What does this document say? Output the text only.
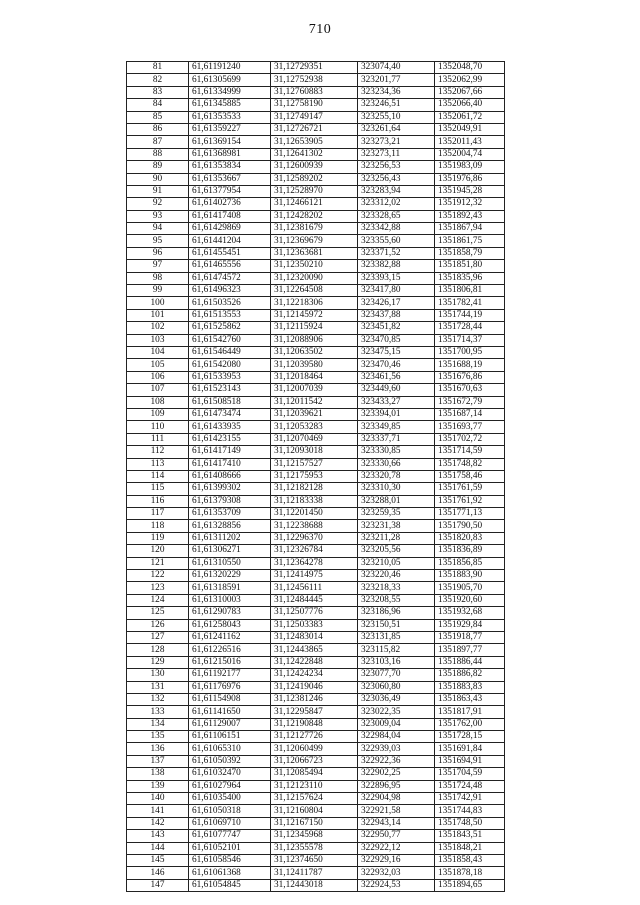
710
81	61,61191240	31,12729351	323074,40	1352048,70
82	61,61305699	31,12752938	323201,77	1352062,99
83	61,61334999	31,12760883	323234,36	1352067,66
84	61,61345885	31,12758190	323246,51	1352066,40
85	61,61353533	31,12749147	323255,10	1352061,72
86	61,61359227	31,12726721	323261,64	1352049,91
87	61,61369154	31,12653905	323273,21	1352011,43
88	61,61368981	31,12641302	323273,11	1352004,74
89	61,61353834	31,12600939	323256,53	1351983,09
90	61,61353667	31,12589202	323256,43	1351976,86
91	61,61377954	31,12528970	323283,94	1351945,28
92	61,61402736	31,12466121	323312,02	1351912,32
93	61,61417408	31,12428202	323328,65	1351892,43
94	61,61429869	31,12381679	323342,88	1351867,94
95	61,61441204	31,12369679	323355,60	1351861,75
96	61,61455451	31,12363681	323371,52	1351858,79
97	61,61465556	31,12350210	323382,88	1351851,80
98	61,61474572	31,12320090	323393,15	1351835,96
99	61,61496323	31,12264508	323417,80	1351806,81
100	61,61503526	31,12218306	323426,17	1351782,41
101	61,61513553	31,12145972	323437,88	1351744,19
102	61,61525862	31,12115924	323451,82	1351728,44
103	61,61542760	31,12088906	323470,85	1351714,37
104	61,61546449	31,12063502	323475,15	1351700,95
105	61,61542080	31,12039580	323470,46	1351688,19
106	61,61533953	31,12018464	323461,56	1351676,86
107	61,61523143	31,12007039	323449,60	1351670,63
108	61,61508518	31,12011542	323433,27	1351672,79
109	61,61473474	31,12039621	323394,01	1351687,14
110	61,61433935	31,12053283	323349,85	1351693,77
111	61,61423155	31,12070469	323337,71	1351702,72
112	61,61417149	31,12093018	323330,85	1351714,59
113	61,61417410	31,12157527	323330,66	1351748,82
114	61,61408666	31,12175953	323320,78	1351758,46
115	61,61399302	31,12182128	323310,30	1351761,59
116	61,61379308	31,12183338	323288,01	1351761,92
117	61,61353709	31,12201450	323259,35	1351771,13
118	61,61328856	31,12238688	323231,38	1351790,50
119	61,61311202	31,12296370	323211,28	1351820,83
120	61,61306271	31,12326784	323205,56	1351836,89
121	61,61310550	31,12364278	323210,05	1351856,85
122	61,61320229	31,12414975	323220,46	1351883,90
123	61,61318591	31,12456111	323218,33	1351905,70
124	61,61310003	31,12484445	323208,55	1351920,60
125	61,61290783	31,12507776	323186,96	1351932,68
126	61,61258043	31,12503383	323150,51	1351929,84
127	61,61241162	31,12483014	323131,85	1351918,77
128	61,61226516	31,12443865	323115,82	1351897,77
129	61,61215016	31,12422848	323103,16	1351886,44
130	61,61192177	31,12424234	323077,70	1351886,82
131	61,61176976	31,12419046	323060,80	1351883,83
132	61,61154908	31,12381246	323036,49	1351863,43
133	61,61141650	31,12295847	323022,35	1351817,91
134	61,61129007	31,12190848	323009,04	1351762,00
135	61,61106151	31,12127726	322984,04	1351728,15
136	61,61065310	31,12060499	322939,03	1351691,84
137	61,61050392	31,12066723	322922,36	1351694,91
138	61,61032470	31,12085494	322902,25	1351704,59
139	61,61027964	31,12123110	322896,95	1351724,48
140	61,61035400	31,12157624	322904,98	1351742,91
141	61,61050318	31,12160804	322921,58	1351744,83
142	61,61069710	31,12167150	322943,14	1351748,50
143	61,61077747	31,12345968	322950,77	1351843,51
144	61,61052101	31,12355578	322922,12	1351848,21
145	61,61058546	31,12374650	322929,16	1351858,43
146	61,61061368	31,12411787	322932,03	1351878,18
147	61,61054845	31,12443018	322924,53	1351894,65
